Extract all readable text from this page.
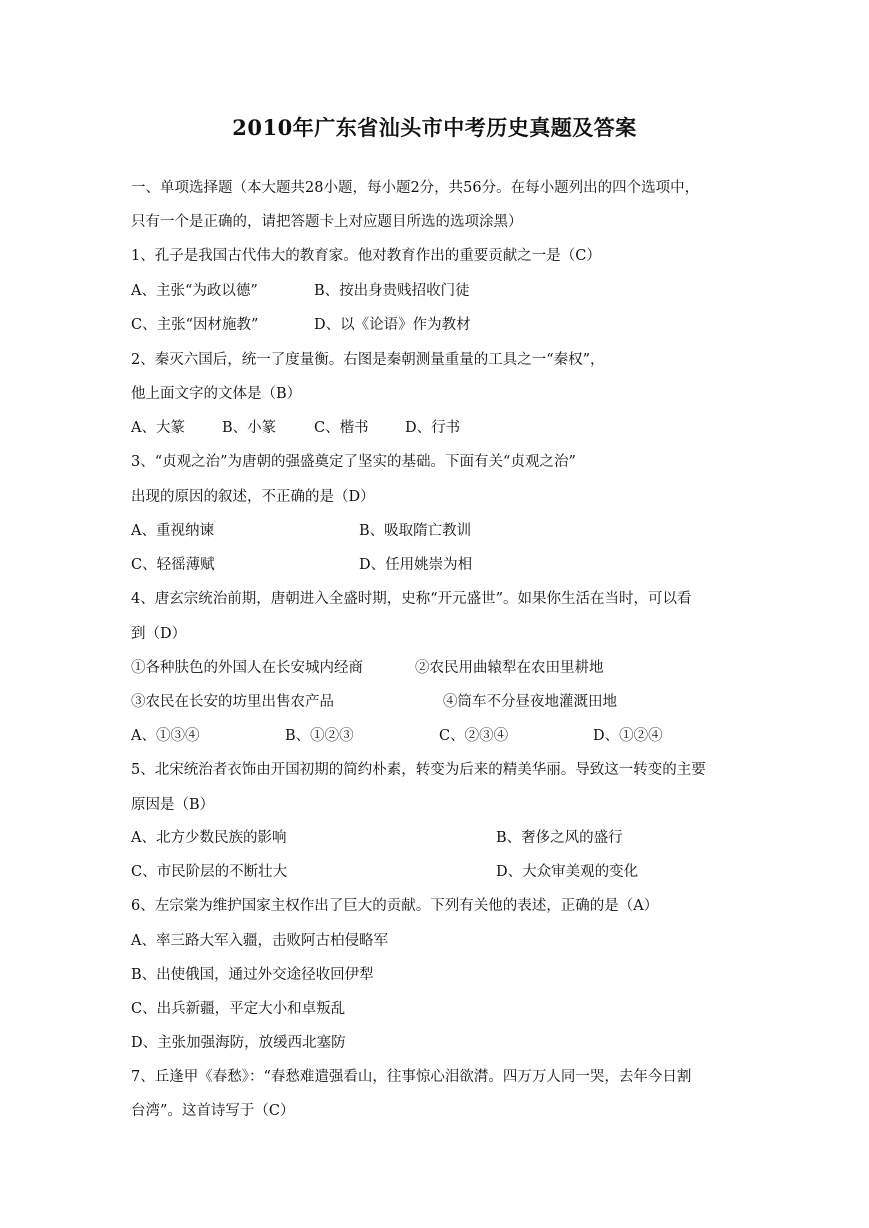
2010年广东省汕头市中考历史真题及答案
一、单项选择题（本大题共28小题，每小题2分，共56分。在每小题列出的四个选项中，
只有一个是正确的，请把答题卡上对应题目所选的选项涂黑）
1、孔子是我国古代伟大的教育家。他对教育作出的重要贡献之一是（C）
A、主张“为政以德”	B、按出身贵贱招收门徒
C、主张“因材施教”	D、以《论语》作为教材
2、秦灭六国后，统一了度量衡。右图是秦朝测量重量的工具之一“秦权”，
他上面文字的文体是（B）
A、大篆	B、小篆	C、楷书	D、行书
3、“贞观之治”为唐朝的强盛奠定了坚实的基础。下面有关“贞观之治”
出现的原因的叙述，不正确的是（D）
A、重视纳谏	B、吸取隋亡教训
C、轻徭薄赋	D、任用姚崇为相
4、唐玄宗统治前期，唐朝进入全盛时期，史称“开元盛世”。如果你生活在当时，可以看
到（D）
①各种肤色的外国人在长安城内经商	②农民用曲辕犁在农田里耕地
③农民在长安的坊里出售农产品	④筒车不分昼夜地灌溉田地
A、①③④	B、①②③	C、②③④	D、①②④
5、北宋统治者衣饰由开国初期的简约朴素，转变为后来的精美华丽。导致这一转变的主要
原因是（B）
A、北方少数民族的影响	B、奢侈之风的盛行
C、市民阶层的不断壮大	D、大众审美观的变化
6、左宗棠为维护国家主权作出了巨大的贡献。下列有关他的表述，正确的是（A）
A、率三路大军入疆，击败阿古柏侵略军
B、出使俄国，通过外交途径收回伊犁
C、出兵新疆，平定大小和卓叛乱
D、主张加强海防，放缓西北塞防
7、丘逢甲《春愁》：“春愁难遣强看山，往事惊心泪欲潸。四万万人同一哭，去年今日割
台湾”。这首诗写于（C）
